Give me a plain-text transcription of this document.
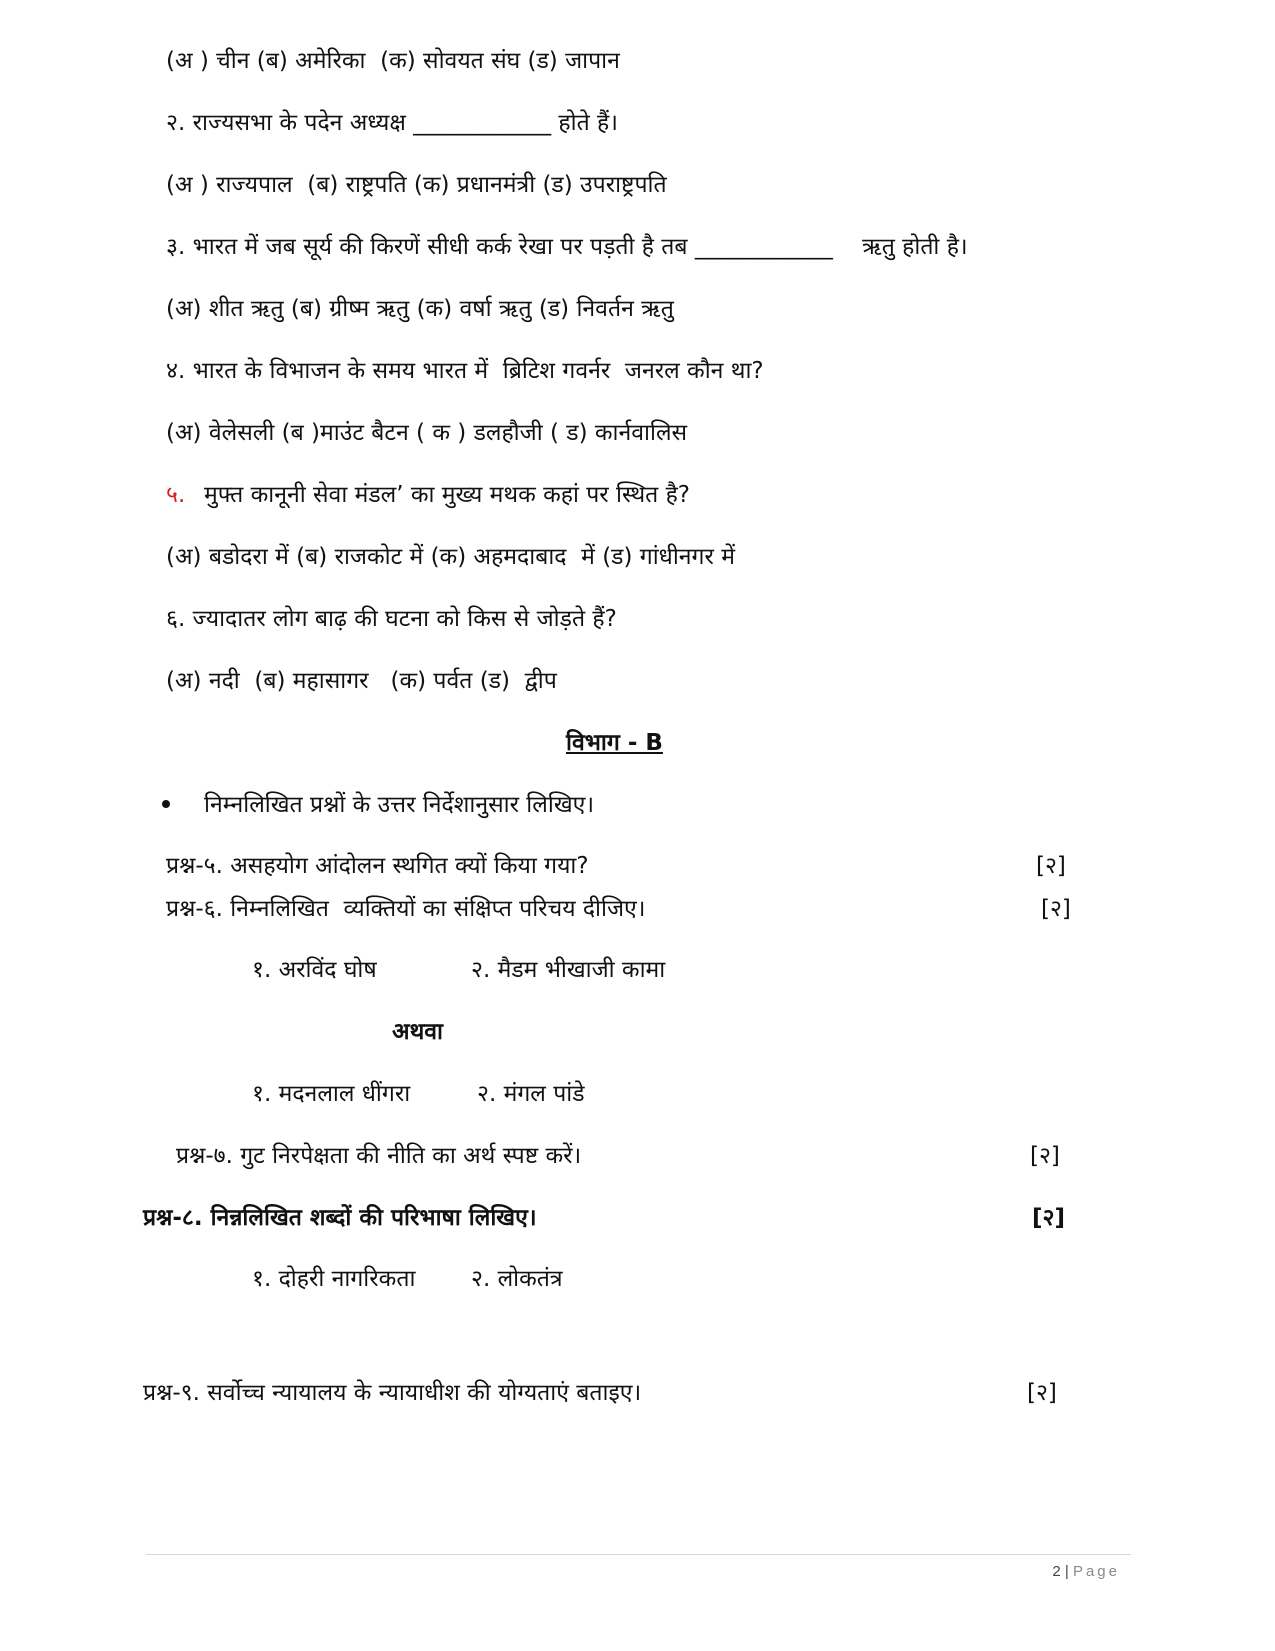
(अ ) चीन (ब) अमेरिका  (क) सोवयत संघ (ड) जापान
२. राज्यसभा के पदेन अध्यक्ष ____________ होते हैं।
(अ ) राज्यपाल  (ब) राष्ट्रपति (क) प्रधानमंत्री (ड) उपराष्ट्रपति
३. भारत में जब सूर्य की किरणें सीधी कर्क रेखा पर पड़ती है तब ____________    ऋतु होती है।
(अ) शीत ऋतु (ब) ग्रीष्म ऋतु (क) वर्षा ऋतु (ड) निवर्तन ऋतु
४. भारत के विभाजन के समय भारत में  ब्रिटिश गवर्नर  जनरल कौन था?
(अ) वेलेसली (ब )माउंट बैटन ( क ) डलहौजी ( ड) कार्नवालिस
५. मुफ्त कानूनी सेवा मंडल’ का मुख्य मथक कहां पर स्थित है?
(अ) बडोदरा में (ब) राजकोट में (क) अहमदाबाद  में (ड) गांधीनगर में
६. ज्यादातर लोग बाढ़ की घटना को किस से जोड़ते हैं?
(अ) नदी  (ब) महासागर   (क) पर्वत (ड)  द्वीप
विभाग - B
निम्नलिखित प्रश्नों के उत्तर निर्देशानुसार लिखिए।
प्रश्न-५. असहयोग आंदोलन स्थगित क्यों किया गया?	[२]
प्रश्न-६. निम्नलिखित  व्यक्तियों का संक्षिप्त परिचय दीजिए।	[२]
१. अरविंद घोष	२. मैडम भीखाजी कामा
अथवा
१. मदनलाल धींगरा	२. मंगल पांडे
प्रश्न-७. गुट निरपेक्षता की नीति का अर्थ स्पष्ट करें।	[२]
प्रश्न-८. निन्नलिखित शब्दों की परिभाषा लिखिए।	[२]
१. दोहरी नागरिकता २. लोकतंत्र
प्रश्न-९. सर्वोच्च न्यायालय के न्यायाधीश की योग्यताएं बताइए।	[२]
2 | Page
